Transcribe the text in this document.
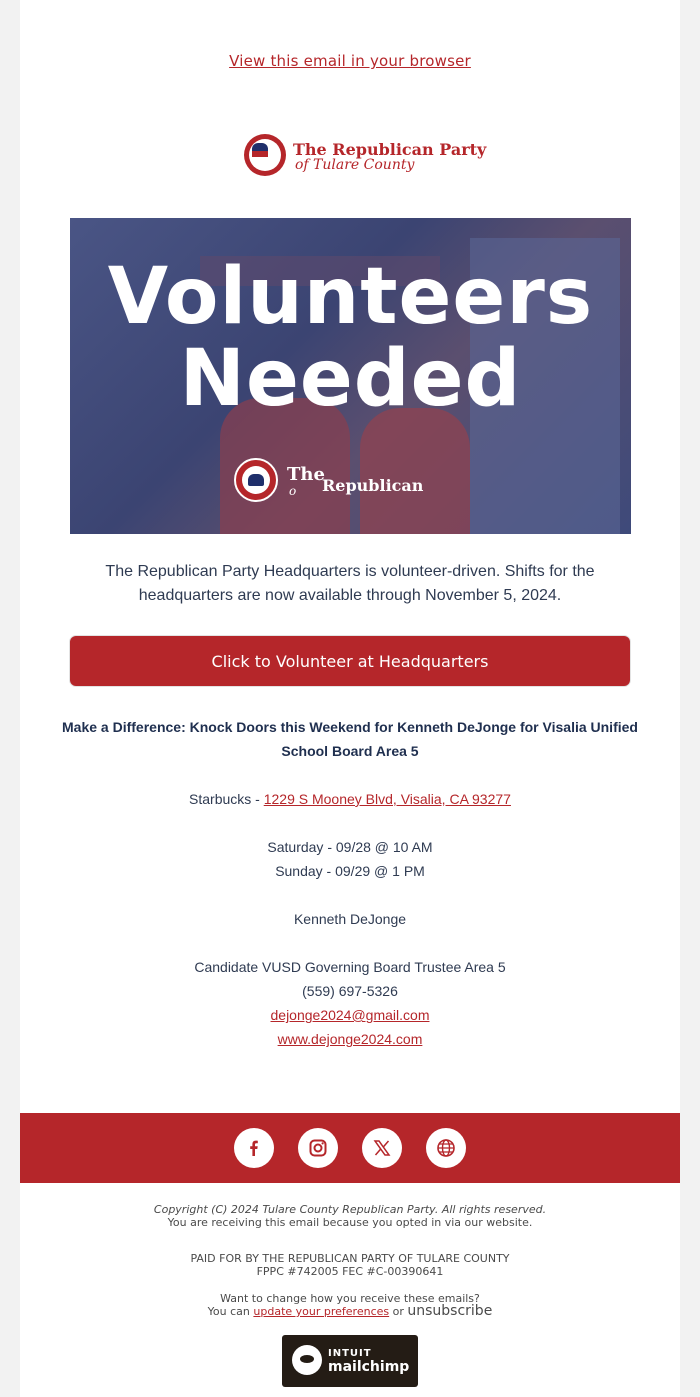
View this email in your browser
The Republican Party
of Tulare County
Volunteers
Needed
The
o Republican
The Republican Party Headquarters is volunteer-driven. Shifts for the headquarters are now available through November 5, 2024.
Click to Volunteer at Headquarters
Make a Difference: Knock Doors this Weekend for Kenneth DeJonge for Visalia Unified School Board Area 5
Starbucks - 1229 S Mooney Blvd, Visalia, CA 93277
Saturday - 09/28 @ 10 AM
Sunday - 09/29 @ 1 PM
Kenneth DeJonge
Candidate VUSD Governing Board Trustee Area 5
(559) 697-5326
dejonge2024@gmail.com
www.dejonge2024.com
Copyright (C) 2024 Tulare County Republican Party. All rights reserved.
You are receiving this email because you opted in via our website.
PAID FOR BY THE REPUBLICAN PARTY OF TULARE COUNTY
FPPC #742005 FEC #C-00390641
Want to change how you receive these emails?
You can update your preferences or unsubscribe
INTUIT
mailchimp
